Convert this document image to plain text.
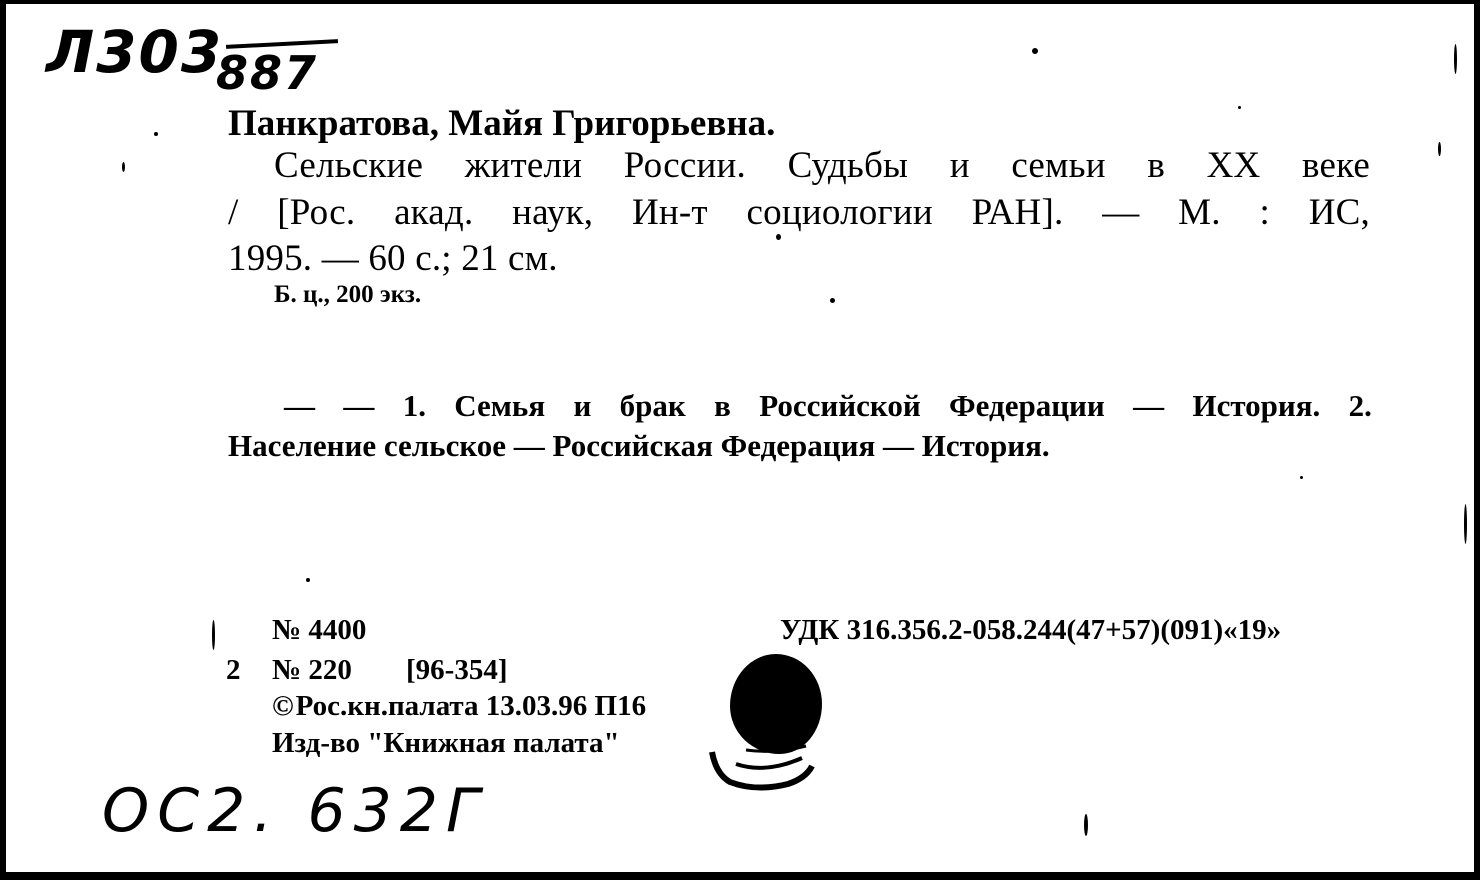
Л303
887
Панкратова, Майя Григорьевна.
Сельские жители России. Судьбы и семьи в XX веке
/ [Рос. акад. наук, Ин-т социологии РАН]. — М. : ИС,
1995. — 60 с.; 21 см.
Б. ц., 200 экз.
— — 1. Семья и брак в Российской Федерации — История. 2.
Население сельское — Российская Федерация — История.
№ 4400	УДК 316.356.2-058.244(47+57)(091)«19»
2 № 220 [96-354]
©Рос.кн.палата 13.03.96 П16
Изд-во "Книжная палата"
ОС2. 632Г
